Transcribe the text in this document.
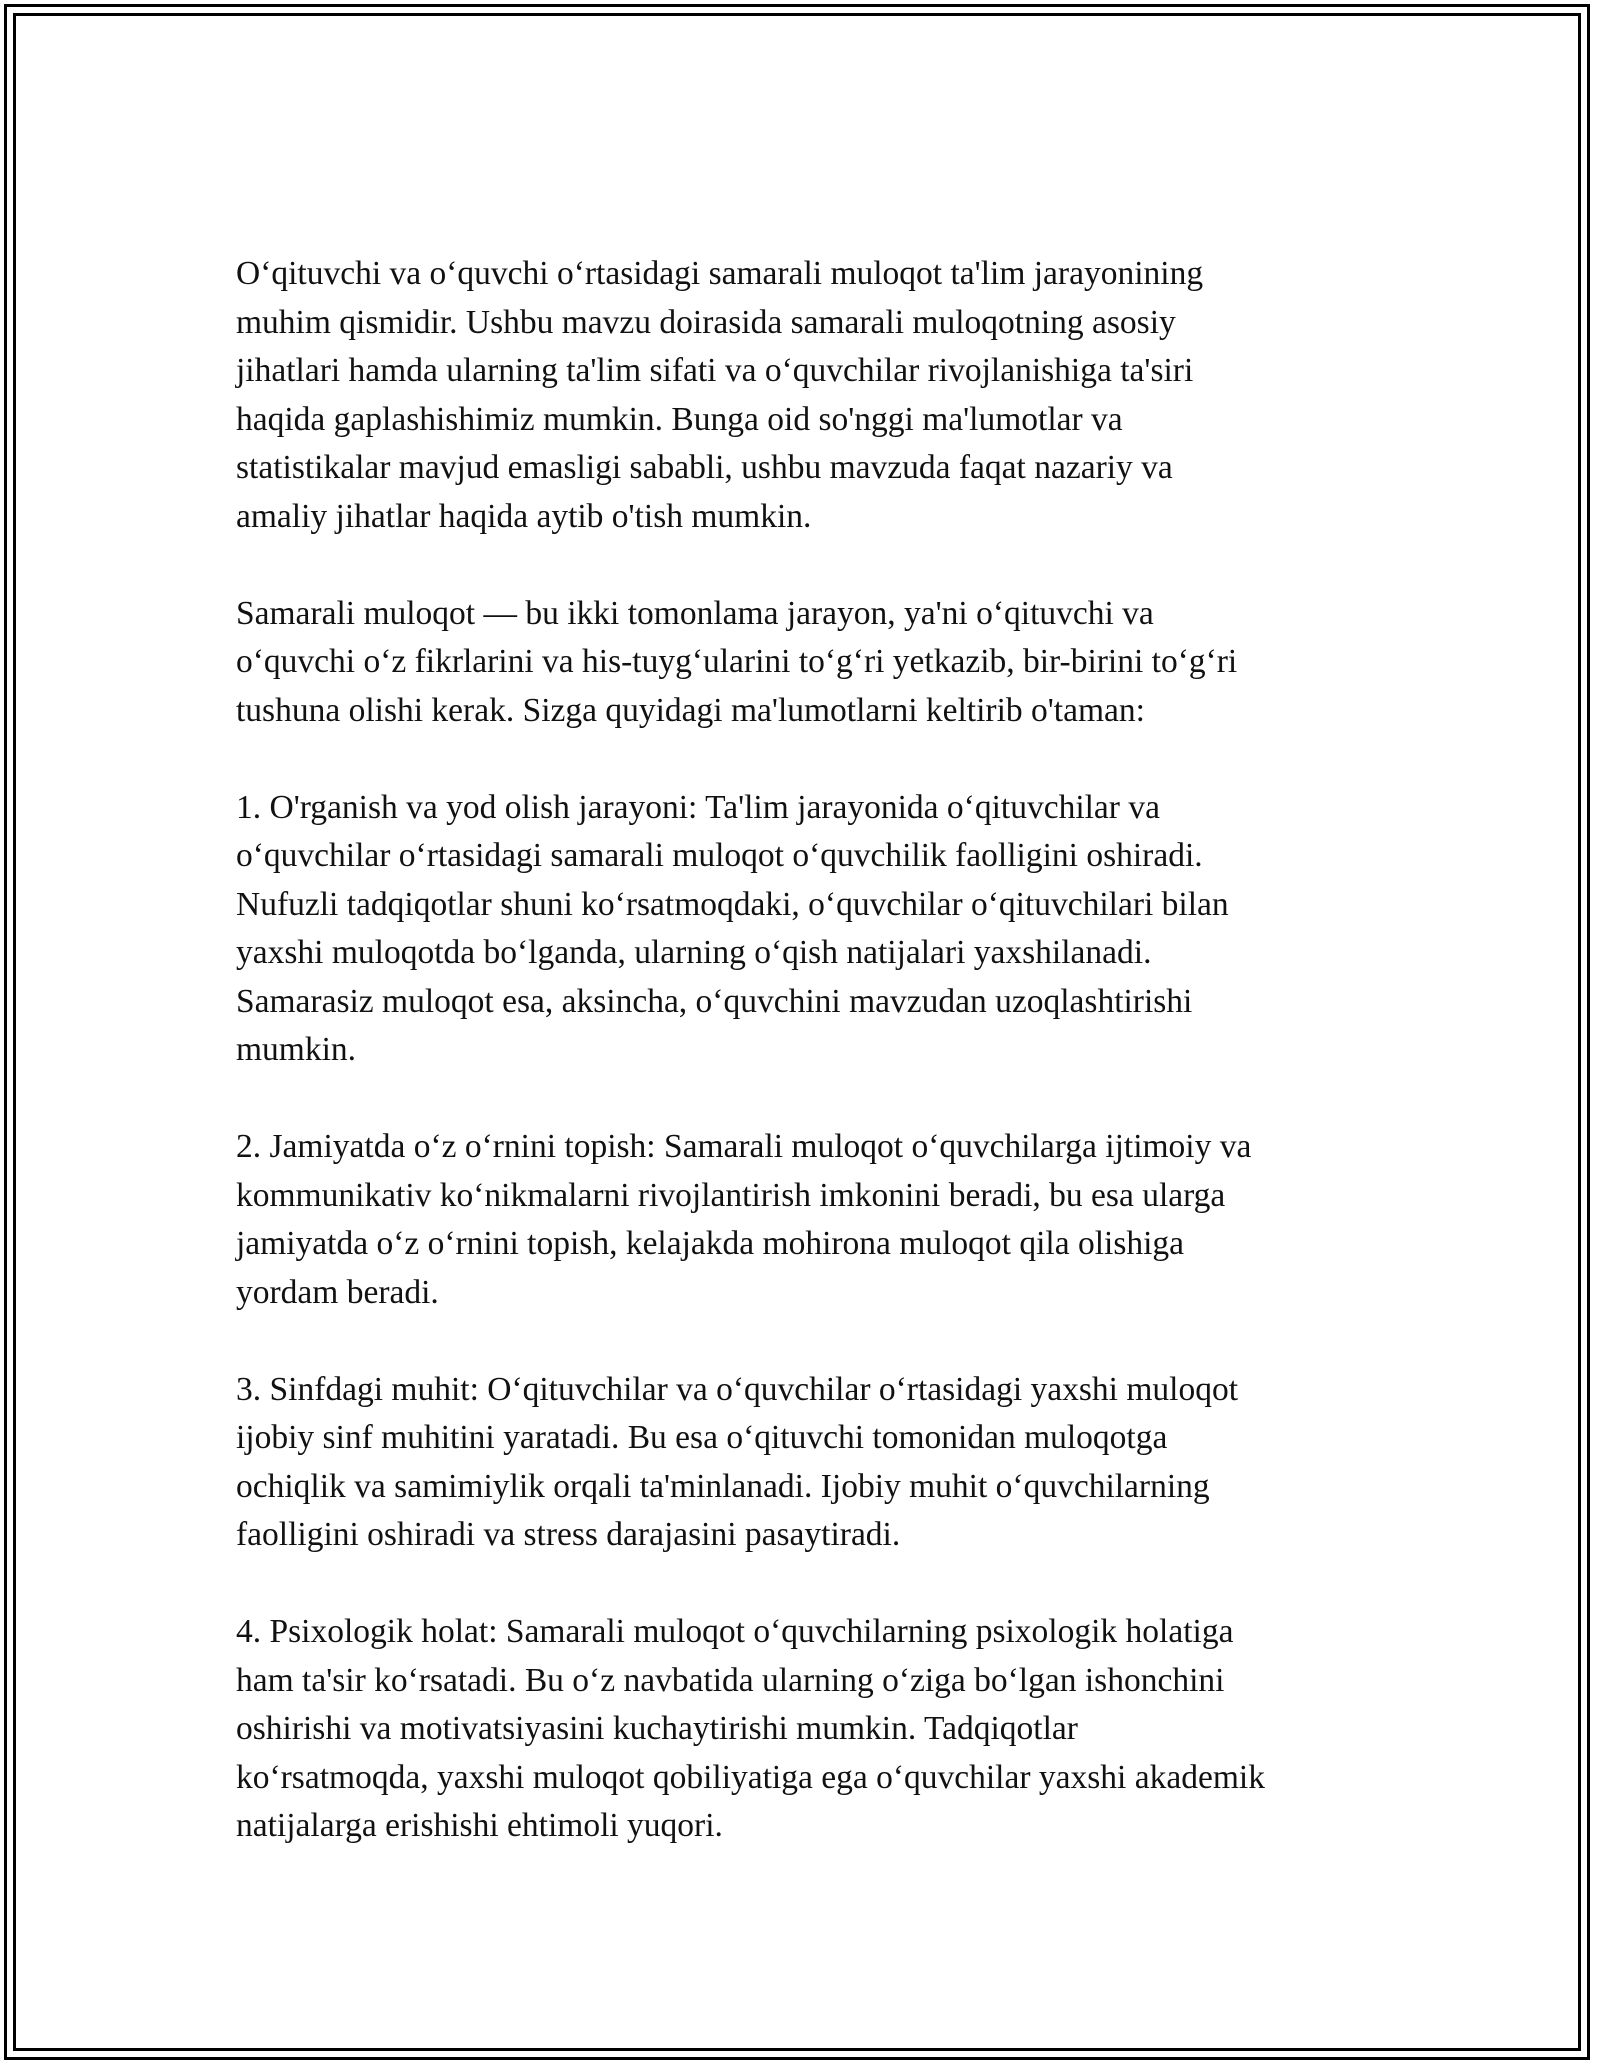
O‘qituvchi va o‘quvchi o‘rtasidagi samarali muloqot ta'lim jarayonining
muhim qismidir. Ushbu mavzu doirasida samarali muloqotning asosiy
jihatlari hamda ularning ta'lim sifati va o‘quvchilar rivojlanishiga ta'siri
haqida gaplashishimiz mumkin. Bunga oid so'nggi ma'lumotlar va
statistikalar mavjud emasligi sababli, ushbu mavzuda faqat nazariy va
amaliy jihatlar haqida aytib o'tish mumkin.

Samarali muloqot — bu ikki tomonlama jarayon, ya'ni o‘qituvchi va
o‘quvchi o‘z fikrlarini va his-tuyg‘ularini to‘g‘ri yetkazib, bir-birini to‘g‘ri
tushuna olishi kerak. Sizga quyidagi ma'lumotlarni keltirib o'taman:

1. O'rganish va yod olish jarayoni: Ta'lim jarayonida o‘qituvchilar va
o‘quvchilar o‘rtasidagi samarali muloqot o‘quvchilik faolligini oshiradi.
Nufuzli tadqiqotlar shuni ko‘rsatmoqdaki, o‘quvchilar o‘qituvchilari bilan
yaxshi muloqotda bo‘lganda, ularning o‘qish natijalari yaxshilanadi.
Samarasiz muloqot esa, aksincha, o‘quvchini mavzudan uzoqlashtirishi
mumkin.

2. Jamiyatda o‘z o‘rnini topish: Samarali muloqot o‘quvchilarga ijtimoiy va
kommunikativ ko‘nikmalarni rivojlantirish imkonini beradi, bu esa ularga
jamiyatda o‘z o‘rnini topish, kelajakda mohirona muloqot qila olishiga
yordam beradi.

3. Sinfdagi muhit: O‘qituvchilar va o‘quvchilar o‘rtasidagi yaxshi muloqot
ijobiy sinf muhitini yaratadi. Bu esa o‘qituvchi tomonidan muloqotga
ochiqlik va samimiylik orqali ta'minlanadi. Ijobiy muhit o‘quvchilarning
faolligini oshiradi va stress darajasini pasaytiradi.

4. Psixologik holat: Samarali muloqot o‘quvchilarning psixologik holatiga
ham ta'sir ko‘rsatadi. Bu o‘z navbatida ularning o‘ziga bo‘lgan ishonchini
oshirishi va motivatsiyasini kuchaytirishi mumkin. Tadqiqotlar
ko‘rsatmoqda, yaxshi muloqot qobiliyatiga ega o‘quvchilar yaxshi akademik
natijalarga erishishi ehtimoli yuqori.
